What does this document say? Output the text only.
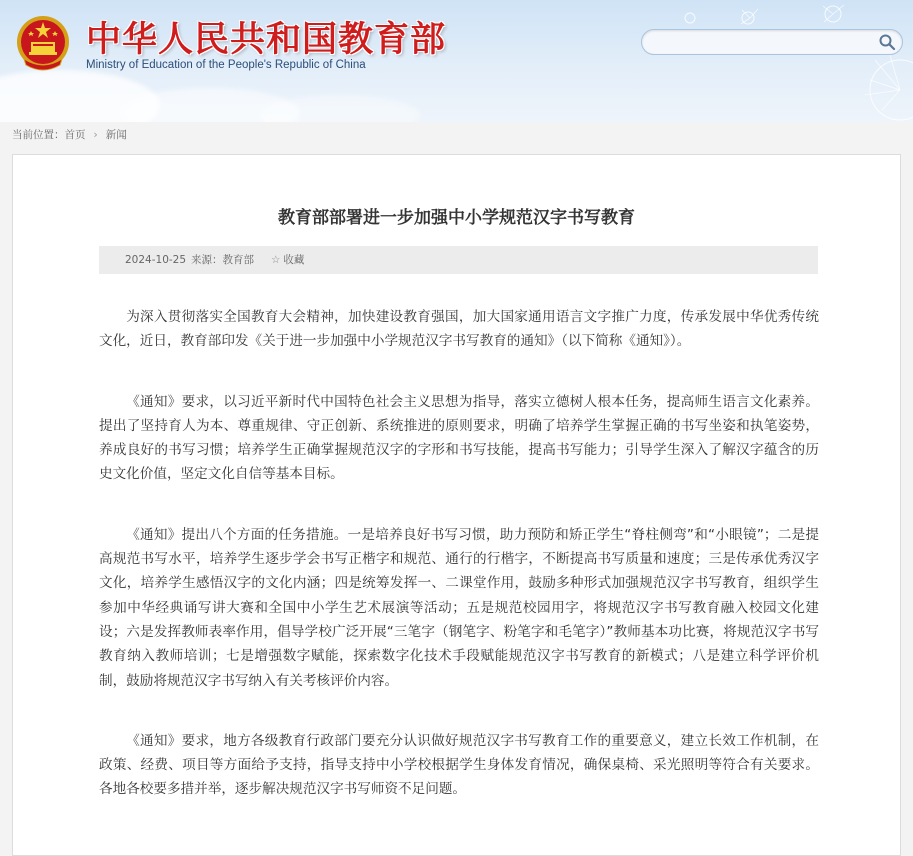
中华人民共和国教育部
Ministry of Education of the People's Republic of China
当前位置：首页 › 新闻
教育部部署进一步加强中小学规范汉字书写教育
2024-10-25 来源：教育部 ☆ 收藏

为深入贯彻落实全国教育大会精神，加快建设教育强国，加大国家通用语言文字推广力度，传承发展中华优秀传统文化，近日，教育部印发《关于进一步加强中小学规范汉字书写教育的通知》（以下简称《通知》）。

《通知》要求，以习近平新时代中国特色社会主义思想为指导，落实立德树人根本任务，提高师生语言文化素养。提出了坚持育人为本、尊重规律、守正创新、系统推进的原则要求，明确了培养学生掌握正确的书写坐姿和执笔姿势，养成良好的书写习惯；培养学生正确掌握规范汉字的字形和书写技能，提高书写能力；引导学生深入了解汉字蕴含的历史文化价值，坚定文化自信等基本目标。

《通知》提出八个方面的任务措施。一是培养良好书写习惯，助力预防和矫正学生“脊柱侧弯”和“小眼镜”；二是提高规范书写水平，培养学生逐步学会书写正楷字和规范、通行的行楷字，不断提高书写质量和速度；三是传承优秀汉字文化，培养学生感悟汉字的文化内涵；四是统筹发挥一、二课堂作用，鼓励多种形式加强规范汉字书写教育，组织学生参加中华经典诵写讲大赛和全国中小学生艺术展演等活动；五是规范校园用字，将规范汉字书写教育融入校园文化建设；六是发挥教师表率作用，倡导学校广泛开展“三笔字（钢笔字、粉笔字和毛笔字）”教师基本功比赛，将规范汉字书写教育纳入教师培训；七是增强数字赋能，探索数字化技术手段赋能规范汉字书写教育的新模式；八是建立科学评价机制，鼓励将规范汉字书写纳入有关考核评价内容。

《通知》要求，地方各级教育行政部门要充分认识做好规范汉字书写教育工作的重要意义，建立长效工作机制，在政策、经费、项目等方面给予支持，指导支持中小学校根据学生身体发育情况，确保桌椅、采光照明等符合有关要求。各地各校要多措并举，逐步解决规范汉字书写师资不足问题。
